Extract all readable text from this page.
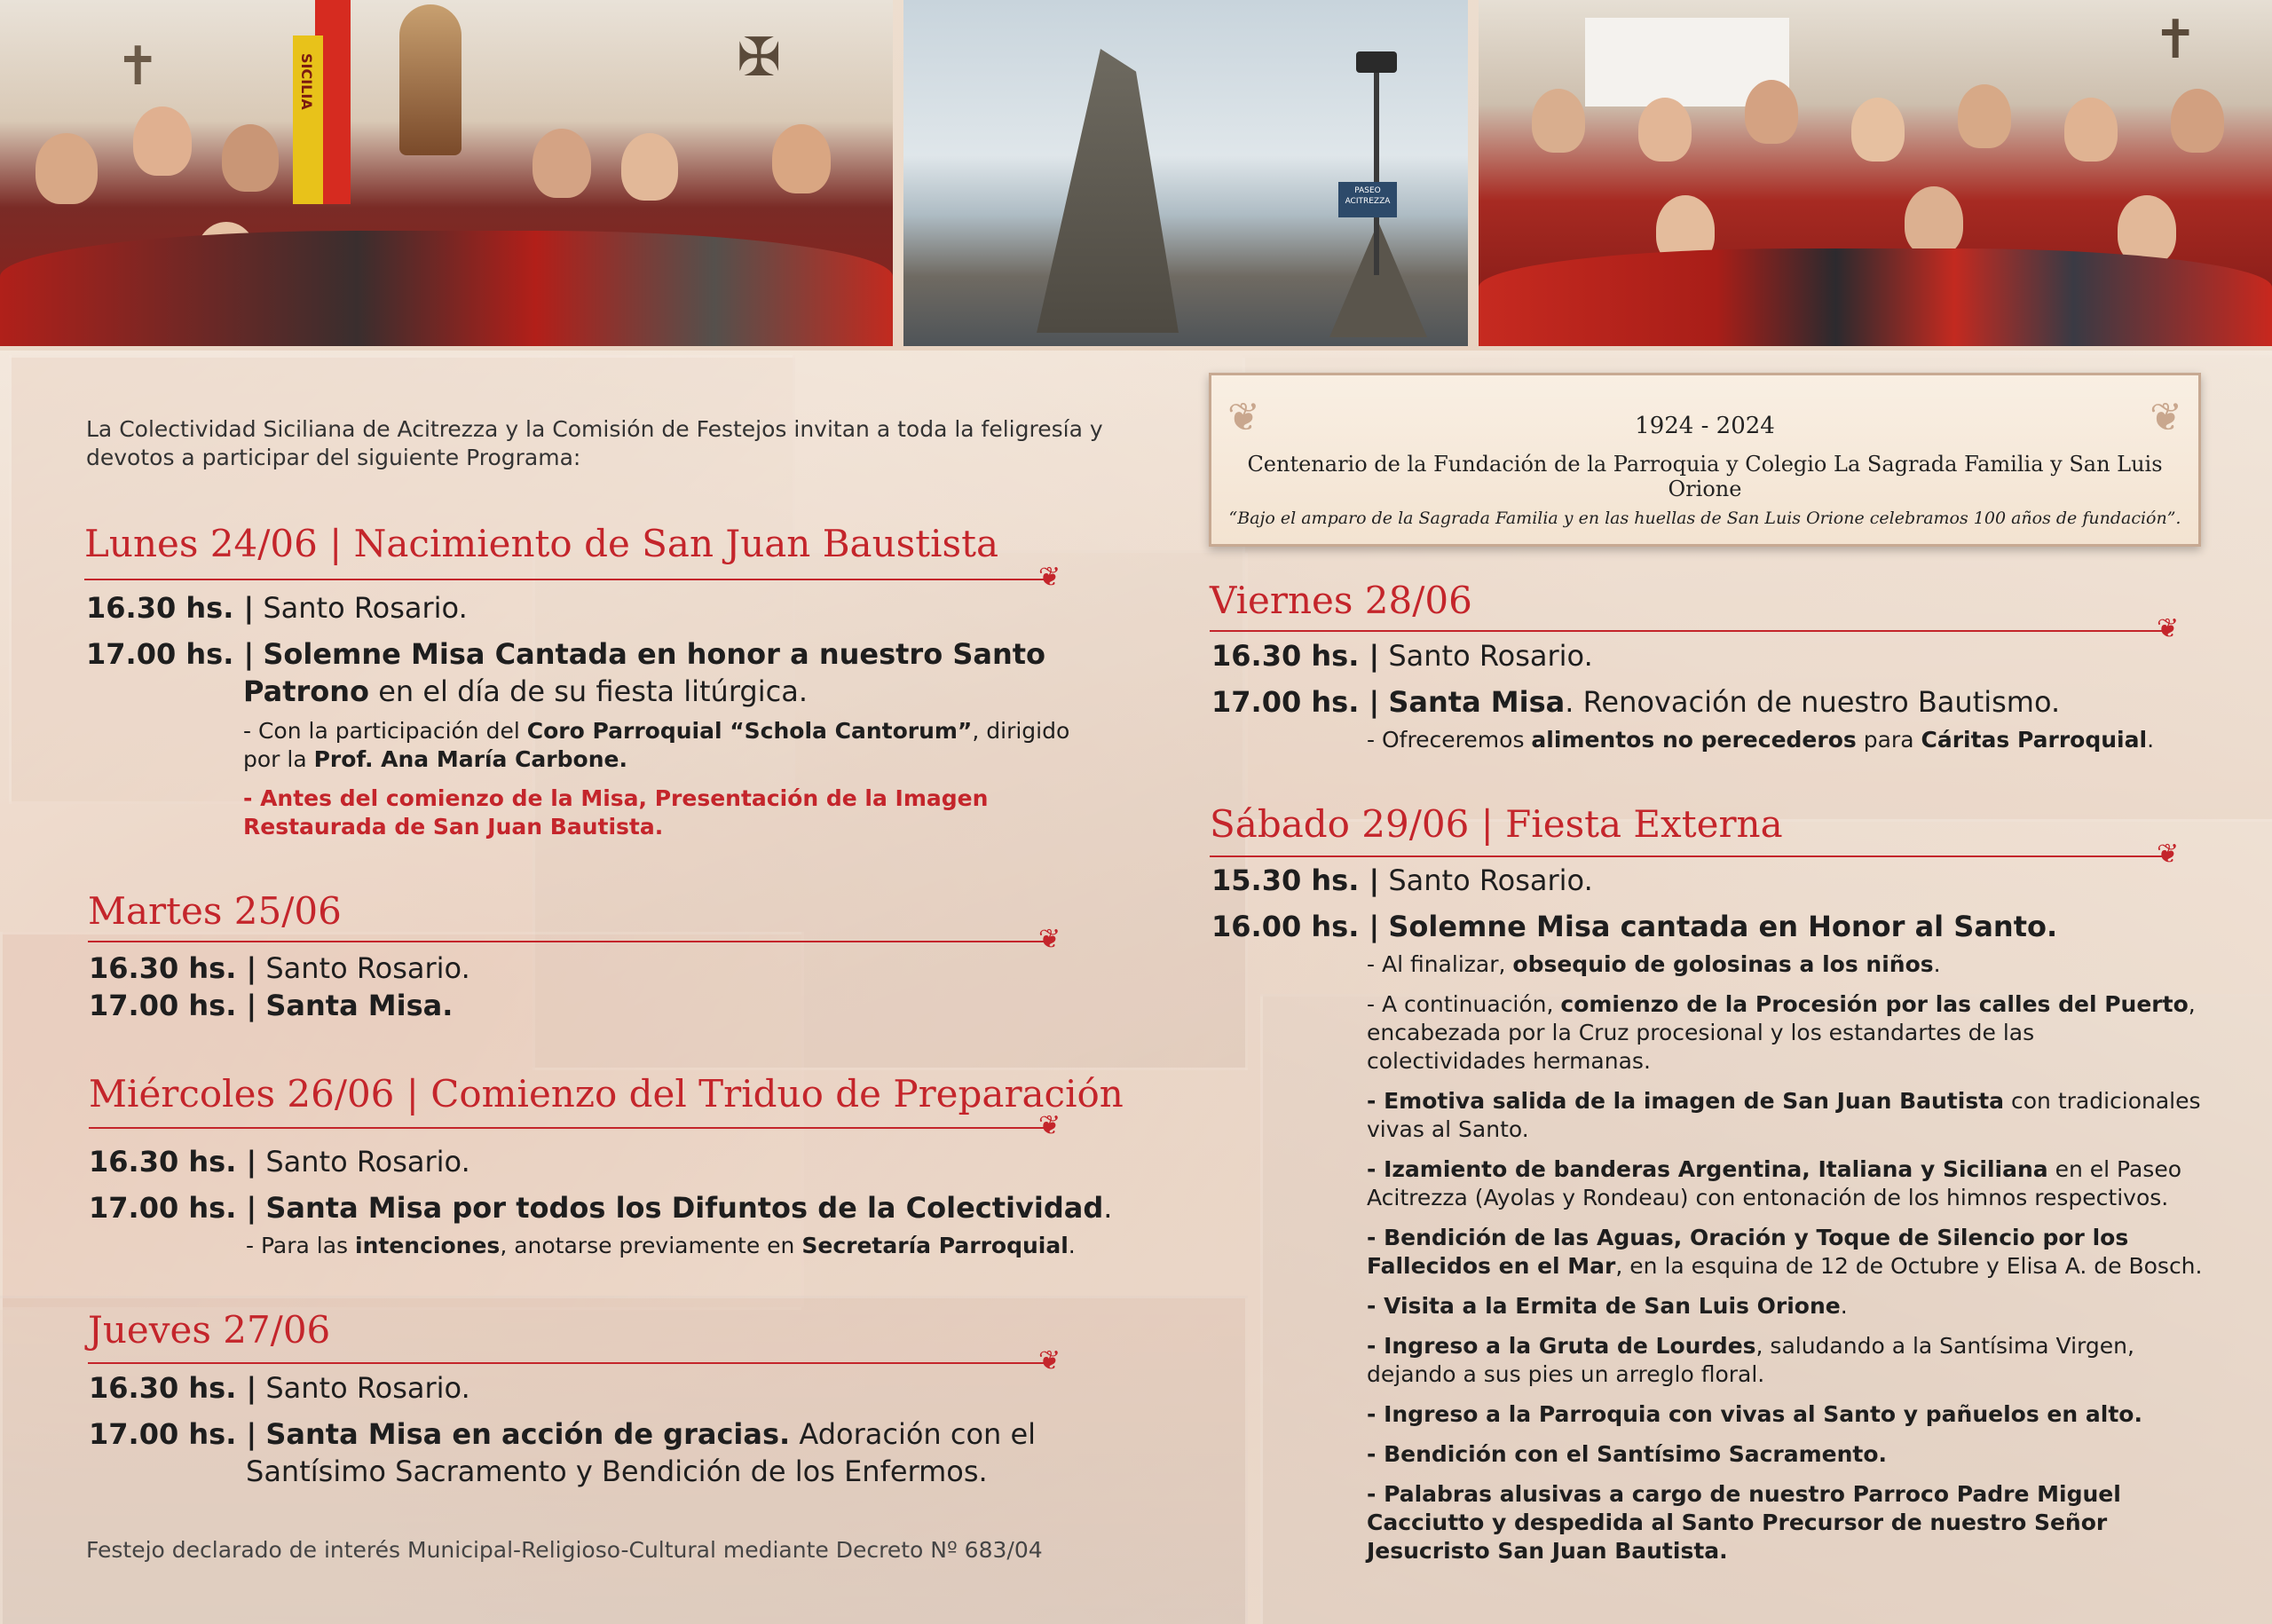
SICILIA
✝	✠
PASEO
ACITREZZA
✝
La Colectividad Siciliana de Acitrezza y la Comisión de Festejos invitan a toda la feligresía y devotos a participar del siguiente Programa:
❦	❦
1924 - 2024
Centenario de la Fundación de la Parroquia y Colegio La Sagrada Familia y San Luis Orione
“Bajo el amparo de la Sagrada Familia y en las huellas de San Luis Orione celebramos 100 años de fundación”.
Lunes 24/06 | Nacimiento de San Juan Baustista
❦
16.30 hs. | Santo Rosario.
17.00 hs. | Solemne Misa Cantada en honor a nuestro Santo
Patrono en el día de su fiesta litúrgica.
- Con la participación del Coro Parroquial “Schola Cantorum”, dirigido
por la Prof. Ana María Carbone.
- Antes del comienzo de la Misa, Presentación de la Imagen
Restaurada de San Juan Bautista.
Martes 25/06
❦
16.30 hs. | Santo Rosario.
17.00 hs. | Santa Misa.
Miércoles 26/06 | Comienzo del Triduo de Preparación
❦
16.30 hs. | Santo Rosario.
17.00 hs. | Santa Misa por todos los Difuntos de la Colectividad.
- Para las intenciones, anotarse previamente en Secretaría Parroquial.
Jueves 27/06
❦
16.30 hs. | Santo Rosario.
17.00 hs. | Santa Misa en acción de gracias. Adoración con el
Santísimo Sacramento y Bendición de los Enfermos.
Festejo declarado de interés Municipal-Religioso-Cultural mediante Decreto Nº 683/04
Viernes 28/06
❦
16.30 hs. | Santo Rosario.
17.00 hs. | Santa Misa. Renovación de nuestro Bautismo.
- Ofreceremos alimentos no perecederos para Cáritas Parroquial.
Sábado 29/06 | Fiesta Externa
❦
15.30 hs. | Santo Rosario.
16.00 hs. | Solemne Misa cantada en Honor al Santo.
- Al finalizar, obsequio de golosinas a los niños.
- A continuación, comienzo de la Procesión por las calles del Puerto,
encabezada por la Cruz procesional y los estandartes de las
colectividades hermanas.
- Emotiva salida de la imagen de San Juan Bautista con tradicionales
vivas al Santo.
- Izamiento de banderas Argentina, Italiana y Siciliana en el Paseo
Acitrezza (Ayolas y Rondeau) con entonación de los himnos respectivos.
- Bendición de las Aguas, Oración y Toque de Silencio por los
Fallecidos en el Mar, en la esquina de 12 de Octubre y Elisa A. de Bosch.
- Visita a la Ermita de San Luis Orione.
- Ingreso a la Gruta de Lourdes, saludando a la Santísima Virgen,
dejando a sus pies un arreglo floral.
- Ingreso a la Parroquia con vivas al Santo y pañuelos en alto.
- Bendición con el Santísimo Sacramento.
- Palabras alusivas a cargo de nuestro Parroco Padre Miguel
Cacciutto y despedida al Santo Precursor de nuestro Señor
Jesucristo San Juan Bautista.
